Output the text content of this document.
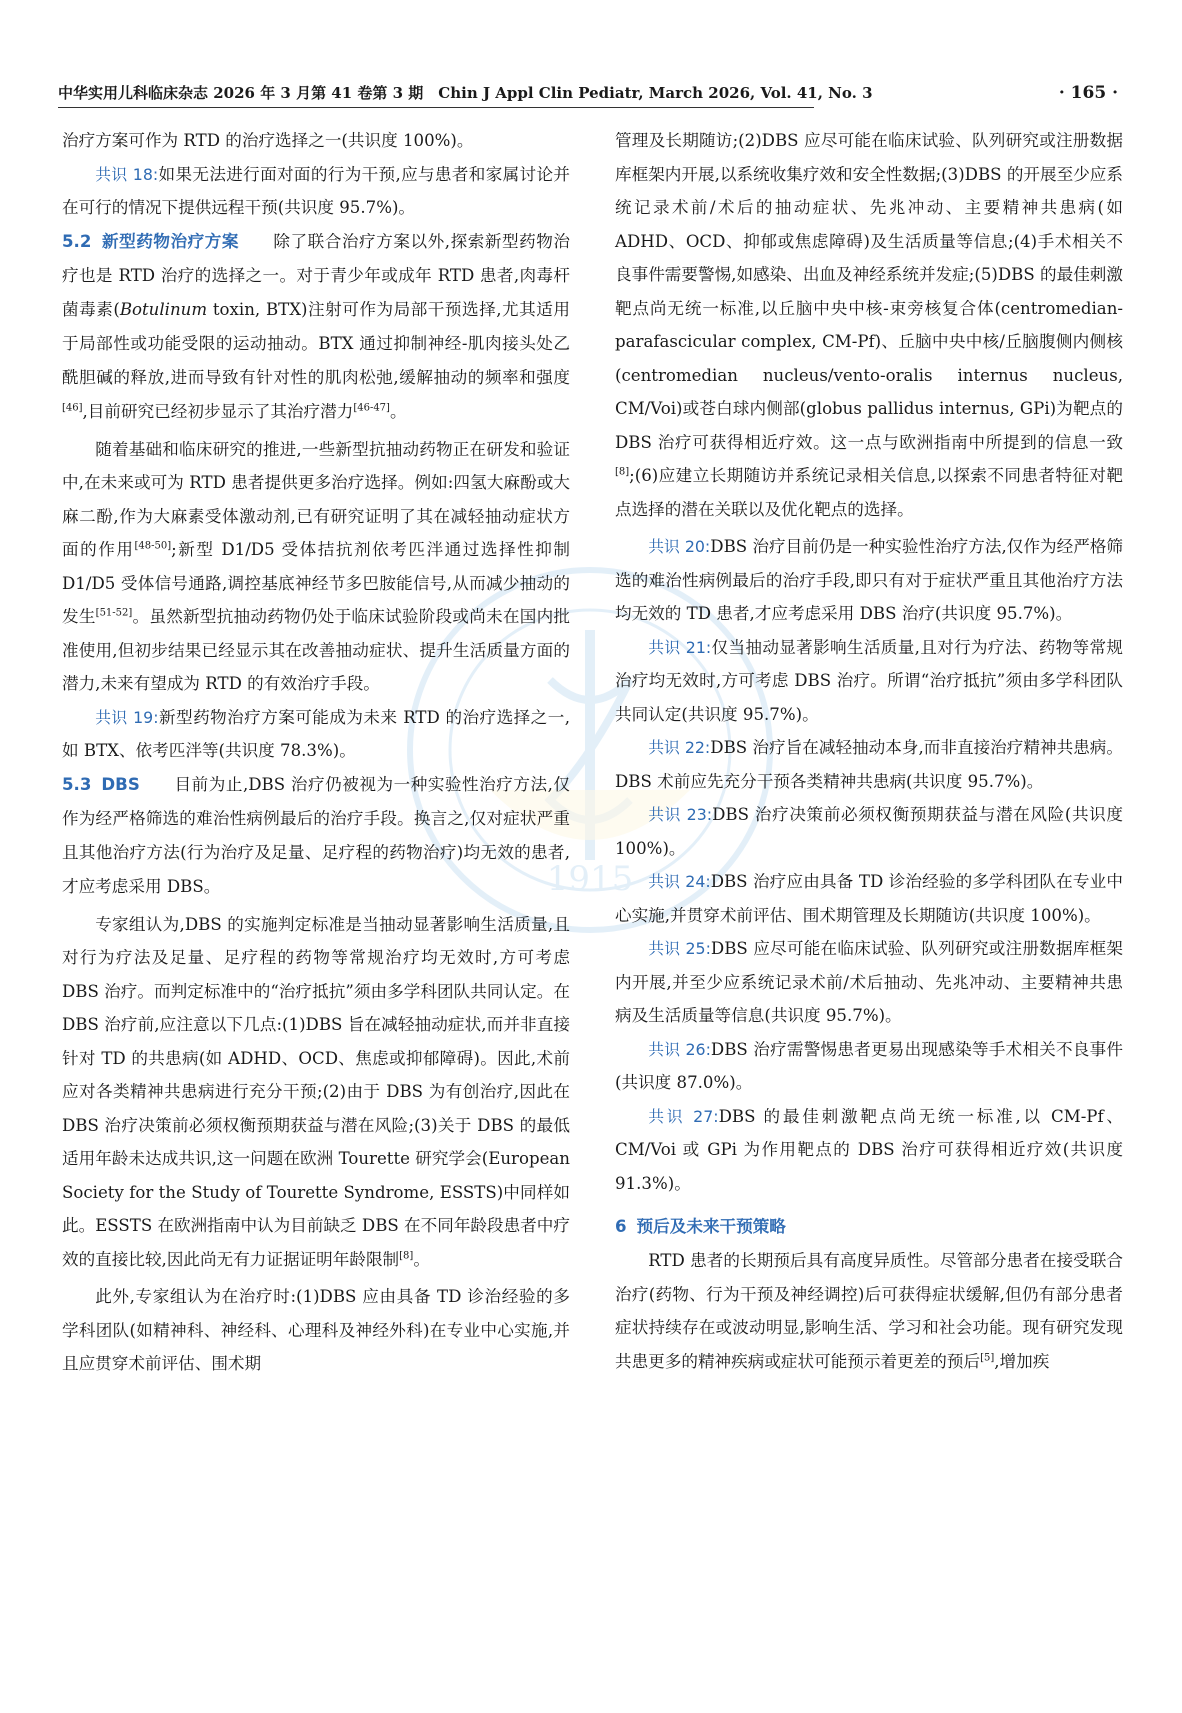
中华实用儿科临床杂志 2026 年 3 月第 41 卷第 3 期　Chin J Appl Clin Pediatr, March 2026, Vol. 41, No. 3	· 165 ·
1915

治疗方案可作为 RTD 的治疗选择之一(共识度 100%)。

共识 18:如果无法进行面对面的行为干预,应与患者和家属讨论并在可行的情况下提供远程干预(共识度 95.7%)。

5.2 新型药物治疗方案　　 除了联合治疗方案以外,探索新型药物治疗也是 RTD 治疗的选择之一。对于青少年或成年 RTD 患者,肉毒杆菌毒素(Botulinum toxin, BTX)注射可作为局部干预选择,尤其适用于局部性或功能受限的运动抽动。BTX 通过抑制神经-肌肉接头处乙酰胆碱的释放,进而导致有针对性的肌肉松弛,缓解抽动的频率和强度[46],目前研究已经初步显示了其治疗潜力[46-47]。

随着基础和临床研究的推进,一些新型抗抽动药物正在研发和验证中,在未来或可为 RTD 患者提供更多治疗选择。例如:四氢大麻酚或大麻二酚,作为大麻素受体激动剂,已有研究证明了其在减轻抽动症状方面的作用[48-50];新型 D1/D5 受体拮抗剂依考匹泮通过选择性抑制 D1/D5 受体信号通路,调控基底神经节多巴胺能信号,从而减少抽动的发生[51-52]。虽然新型抗抽动药物仍处于临床试验阶段或尚未在国内批准使用,但初步结果已经显示其在改善抽动症状、提升生活质量方面的潜力,未来有望成为 RTD 的有效治疗手段。

共识 19:新型药物治疗方案可能成为未来 RTD 的治疗选择之一,如 BTX、依考匹泮等(共识度 78.3%)。

5.3 DBS　　 目前为止,DBS 治疗仍被视为一种实验性治疗方法,仅作为经严格筛选的难治性病例最后的治疗手段。换言之,仅对症状严重且其他治疗方法(行为治疗及足量、足疗程的药物治疗)均无效的患者,才应考虑采用 DBS。

专家组认为,DBS 的实施判定标准是当抽动显著影响生活质量,且对行为疗法及足量、足疗程的药物等常规治疗均无效时,方可考虑 DBS 治疗。而判定标准中的“治疗抵抗”须由多学科团队共同认定。在 DBS 治疗前,应注意以下几点:(1)DBS 旨在减轻抽动症状,而并非直接针对 TD 的共患病(如 ADHD、OCD、焦虑或抑郁障碍)。因此,术前应对各类精神共患病进行充分干预;(2)由于 DBS 为有创治疗,因此在 DBS 治疗决策前必须权衡预期获益与潜在风险;(3)关于 DBS 的最低适用年龄未达成共识,这一问题在欧洲 Tourette 研究学会(European Society for the Study of Tourette Syndrome, ESSTS)中同样如此。ESSTS 在欧洲指南中认为目前缺乏 DBS 在不同年龄段患者中疗效的直接比较,因此尚无有力证据证明年龄限制[8]。

此外,专家组认为在治疗时:(1)DBS 应由具备 TD 诊治经验的多学科团队(如精神科、神经科、心理科及神经外科)在专业中心实施,并且应贯穿术前评估、围术期

管理及长期随访;(2)DBS 应尽可能在临床试验、队列研究或注册数据库框架内开展,以系统收集疗效和安全性数据;(3)DBS 的开展至少应系统记录术前/术后的抽动症状、先兆冲动、主要精神共患病(如 ADHD、OCD、抑郁或焦虑障碍)及生活质量等信息;(4)手术相关不良事件需要警惕,如感染、出血及神经系统并发症;(5)DBS 的最佳刺激靶点尚无统一标准,以丘脑中央中核-束旁核复合体(centromedian-parafascicular complex, CM-Pf)、丘脑中央中核/丘脑腹侧内侧核(centromedian nucleus/vento-oralis internus nucleus, CM/Voi)或苍白球内侧部(globus pallidus internus, GPi)为靶点的 DBS 治疗可获得相近疗效。这一点与欧洲指南中所提到的信息一致[8];(6)应建立长期随访并系统记录相关信息,以探索不同患者特征对靶点选择的潜在关联以及优化靶点的选择。

共识 20:DBS 治疗目前仍是一种实验性治疗方法,仅作为经严格筛选的难治性病例最后的治疗手段,即只有对于症状严重且其他治疗方法均无效的 TD 患者,才应考虑采用 DBS 治疗(共识度 95.7%)。

共识 21:仅当抽动显著影响生活质量,且对行为疗法、药物等常规治疗均无效时,方可考虑 DBS 治疗。所谓“治疗抵抗”须由多学科团队共同认定(共识度 95.7%)。

共识 22:DBS 治疗旨在减轻抽动本身,而非直接治疗精神共患病。DBS 术前应先充分干预各类精神共患病(共识度 95.7%)。

共识 23:DBS 治疗决策前必须权衡预期获益与潜在风险(共识度 100%)。

共识 24:DBS 治疗应由具备 TD 诊治经验的多学科团队在专业中心实施,并贯穿术前评估、围术期管理及长期随访(共识度 100%)。

共识 25:DBS 应尽可能在临床试验、队列研究或注册数据库框架内开展,并至少应系统记录术前/术后抽动、先兆冲动、主要精神共患病及生活质量等信息(共识度 95.7%)。

共识 26:DBS 治疗需警惕患者更易出现感染等手术相关不良事件(共识度 87.0%)。

共识 27:DBS 的最佳刺激靶点尚无统一标准,以 CM-Pf、CM/Voi 或 GPi 为作用靶点的 DBS 治疗可获得相近疗效(共识度 91.3%)。

6 预后及未来干预策略

RTD 患者的长期预后具有高度异质性。尽管部分患者在接受联合治疗(药物、行为干预及神经调控)后可获得症状缓解,但仍有部分患者症状持续存在或波动明显,影响生活、学习和社会功能。现有研究发现共患更多的精神疾病或症状可能预示着更差的预后[5],增加疾
